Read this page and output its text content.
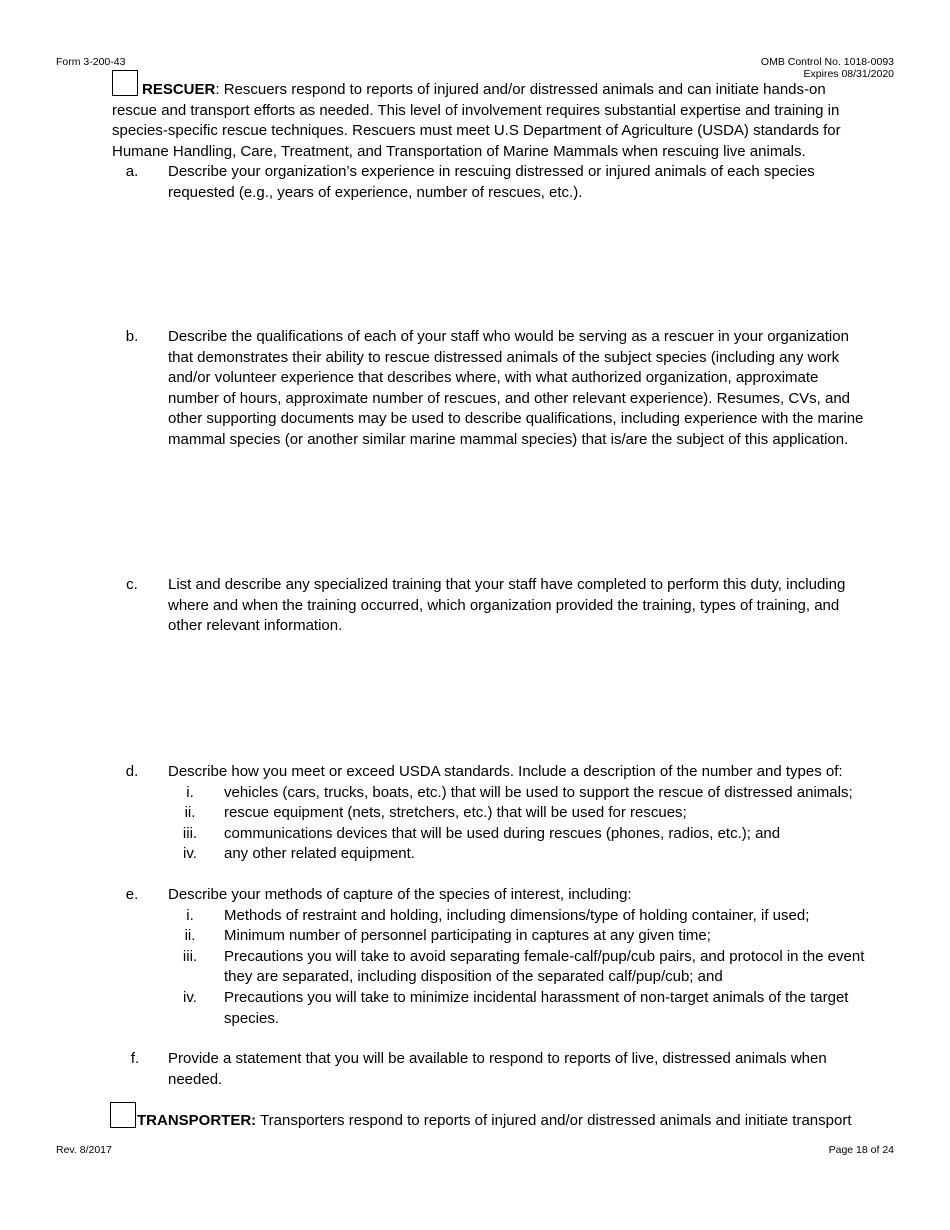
Form 3-200-43	OMB Control No. 1018-0093
Expires 08/31/2020
RESCUER: Rescuers respond to reports of injured and/or distressed animals and can initiate hands-on
rescue and transport efforts as needed. This level of involvement requires substantial expertise and training in
species-specific rescue techniques. Rescuers must meet U.S Department of Agriculture (USDA) standards for
Humane Handling, Care, Treatment, and Transportation of Marine Mammals when rescuing live animals.
a.	Describe your organization’s experience in rescuing distressed or injured animals of each species
requested (e.g., years of experience, number of rescues, etc.).
b.	Describe the qualifications of each of your staff who would be serving as a rescuer in your organization
that demonstrates their ability to rescue distressed animals of the subject species (including any work
and/or volunteer experience that describes where, with what authorized organization, approximate
number of hours, approximate number of rescues, and other relevant experience). Resumes, CVs, and
other supporting documents may be used to describe qualifications, including experience with the marine
mammal species (or another similar marine mammal species) that is/are the subject of this application.
c.	List and describe any specialized training that your staff have completed to perform this duty, including
where and when the training occurred, which organization provided the training, types of training, and
other relevant information.
d.	Describe how you meet or exceed USDA standards. Include a description of the number and types of:
i.	vehicles (cars, trucks, boats, etc.) that will be used to support the rescue of distressed animals;
ii.	rescue equipment (nets, stretchers, etc.) that will be used for rescues;
iii.	communications devices that will be used during rescues (phones, radios, etc.); and
iv.	any other related equipment.
e.	Describe your methods of capture of the species of interest, including:
i.	Methods of restraint and holding, including dimensions/type of holding container, if used;
ii.	Minimum number of personnel participating in captures at any given time;
iii.	Precautions you will take to avoid separating female-calf/pup/cub pairs, and protocol in the event
they are separated, including disposition of the separated calf/pup/cub; and
iv.	Precautions you will take to minimize incidental harassment of non-target animals of the target
species.
f.	Provide a statement that you will be available to respond to reports of live, distressed animals when
needed.
TRANSPORTER: Transporters respond to reports of injured and/or distressed animals and initiate transport
Rev. 8/2017	Page 18 of 24
